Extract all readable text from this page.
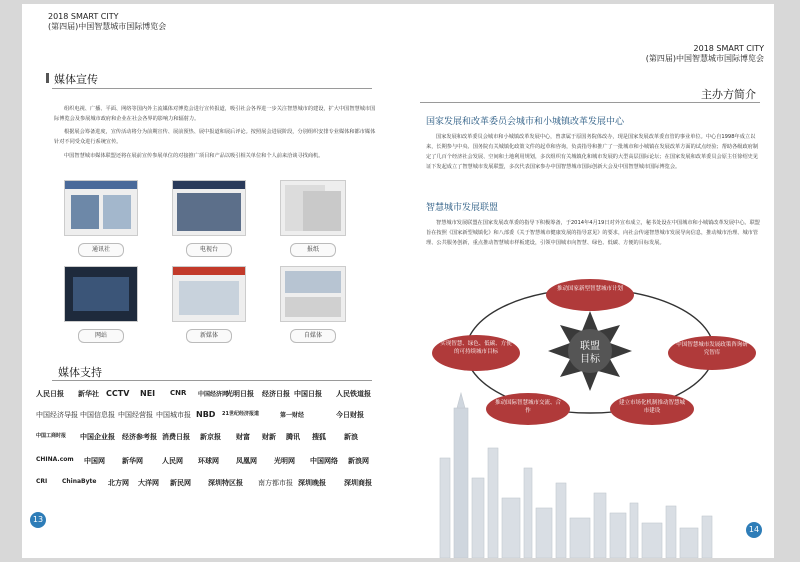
2018 SMART CITY
(第四届)中国智慧城市国际博览会
媒体宣传
组织电视、广播、平面、网络等国内外主流媒体对博览会进行宣传报道，吸引社会各界进一步关注智慧城市的建设，扩大中国智慧城市国际博览会及参展城市政府和企业在社会各界的影响力和辐射力。
根据展会筹备进度，宣传活动将分为前期宣传、展前预热、展中报道和展后评论。按照展会进展阶段，分别组织安排专业媒体和都市媒体针对不同受众进行系统宣传。
中国智慧城市媒体联盟还将在展前宣传参展单位的对接推广项目和产品以吸引相关单位和个人前来洽谈寻找商机。
通讯社	电视台	报纸
网站	新媒体	自媒体
媒体支持
人民日报 新华社 CCTV NEI CNR 中国经济网
光明日报 经济日报 中国日报 人民铁道报
中国经济导报 中国信息报 中国经营报 中国城市报 NBD 21世纪经济报道	第一财经	今日财报
中国工商时报 中国企业报 经济参考报 消费日报 新京报 财富 财新 腾讯 搜狐	新浪
CHINA.com 中国网 新华网	人民网 环球网 凤凰网 光明网 中国网络 新浪网
CRI ChinaByte 北方网 大洋网 新民网 深圳特区报 南方都市报 深圳晚报	深圳商报
13
2018 SMART CITY
(第四届)中国智慧城市国际博览会
主办方简介
国家发展和改革委员会城市和小城镇改革发展中心
国家发展和改革委员会城市和小城镇改革发展中心，曾隶属于原国务院体改办，现是国家发展改革委直管的事业单位。中心自1998年成立以来，长期参与中央、国务院有关城镇化政策文件的起草和咨询，负责指导和推广了一批城市和小城镇在发展改革方面的试点经验；帮助各级政府制定了几百个经济社会发展、空间和土地利用规划，多次组织有关城镇化和城市发展的大型高层国际论坛；在国家发展和改革委员会原主任徐绍史见证下发起成立了智慧城市发展联盟，多次代表国家参办中国智慧城市国际创新大会及中国智慧城市国际博览会。
智慧城市发展联盟
智慧城市发展联盟在国家发展改革委的指导下积极筹备，于2014年4月19日对外宣布成立，秘书处设在中国城市和小城镇改革发展中心。联盟旨在按照《国家新型城镇化》和八部委《关于智慧城市健康发展的指导意见》的要求，向社会传递智慧城市发展导向信息，推动城市治理、城市管理、公共服务创新，重点推动智慧城市样板建设，引领中国城市向智慧、绿色、低碳、方便的目标发展。
联盟
目标
推动国家新型智慧城市计划
中国智慧城市发展政策咨询研究智库
建立市场化机制推动智慧城市建设
推动国际智慧城市交流、合作
实现智慧、绿色、低碳、方便的可持续城市目标
14
